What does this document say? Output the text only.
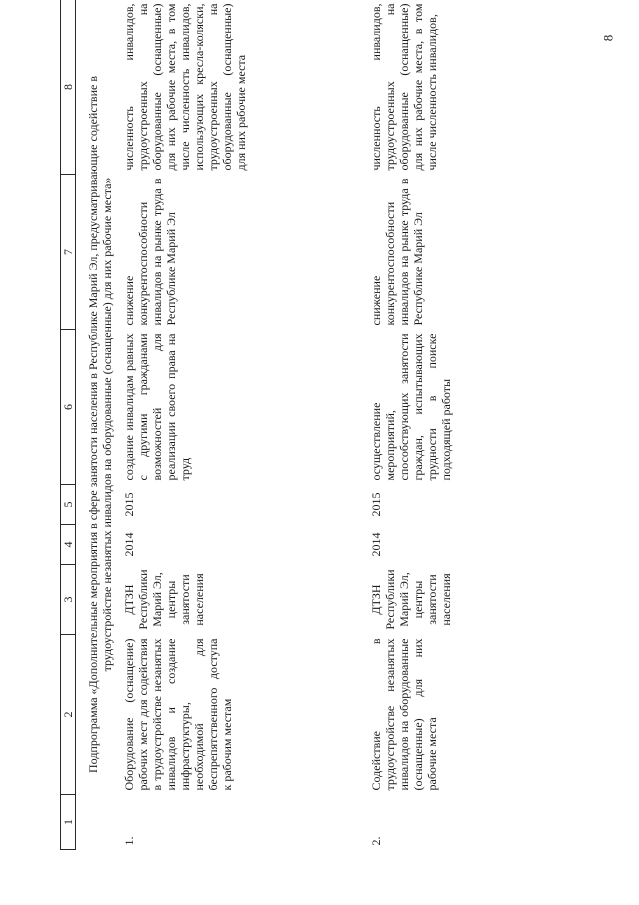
8
1	2	3	4	5	6	7	8
Подпрограмма «Дополнительные мероприятия в сфере занятости населения в Республике Марий Эл, предусматривающие содействие в трудоустройстве незанятых инвалидов на оборудованные (оснащенные) для них рабочие места»							
1.	Оборудование (оснащение) рабочих мест для содействия в трудоустройстве незанятых инвалидов и создание инфраструктуры, необходимой для беспрепятственного доступа к рабочим местам	ДТЗН Республики Марий Эл, центры занятости населения	2014	2015	создание инвалидам равных с другими гражданами возможностей для реализации своего права на труд	снижение конкурентоспособности инвалидов на рынке труда в Республике Марий Эл	численность инвалидов, трудоустроенных на оборудованные (оснащенные) для них рабочие места, в том числе численность инвалидов, использующих кресла-коляски, трудоустроенных на оборудованные (оснащенные) для них рабочие места
2.	Содействие в трудоустройстве незанятых инвалидов на оборудованные (оснащенные) для них рабочие места	ДТЗН Республики Марий Эл, центры занятости населения	2014	2015	осуществление мероприятий, способствующих занятости граждан, испытывающих трудности в поиске подходящей работы	снижение конкурентоспособности инвалидов на рынке труда в Республике Марий Эл	численность инвалидов, трудоустроенных на оборудованные (оснащенные) для них рабочие места, в том числе численность инвалидов,
